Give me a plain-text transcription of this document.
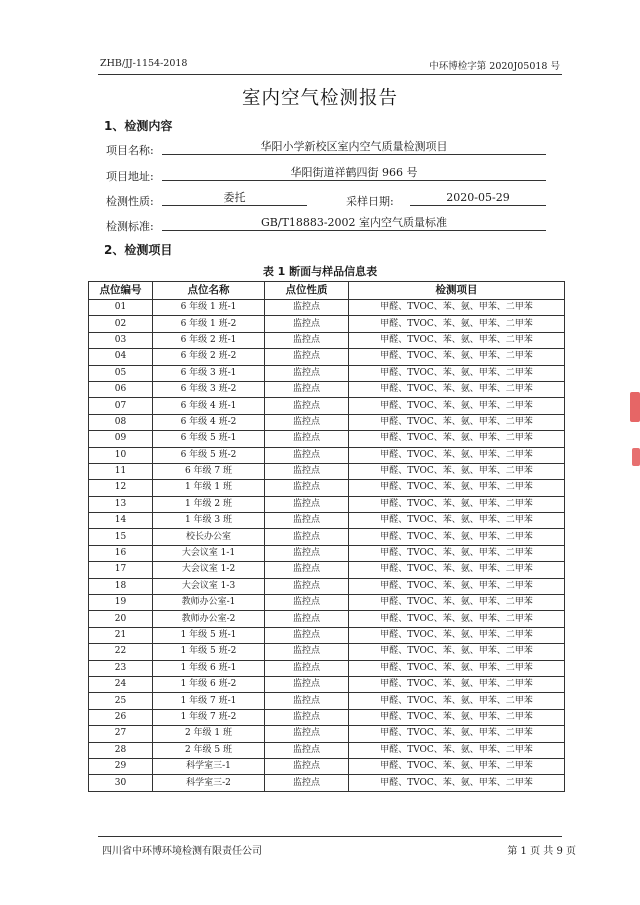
ZHB/JJ-1154-2018	中环博检字第 2020J05018 号
室内空气检测报告
1、检测内容
项目名称:	华阳小学新校区室内空气质量检测项目
项目地址:	华阳街道祥鹤四街 966 号
检测性质:	委托	采样日期:	2020-05-29
检测标准:	GB/T18883-2002 室内空气质量标准
2、检测项目
表 1 断面与样品信息表
点位编号	点位名称	点位性质	检测项目
01	6 年级 1 班-1	监控点	甲醛、TVOC、苯、氨、甲苯、二甲苯
02	6 年级 1 班-2	监控点	甲醛、TVOC、苯、氨、甲苯、二甲苯
03	6 年级 2 班-1	监控点	甲醛、TVOC、苯、氨、甲苯、二甲苯
04	6 年级 2 班-2	监控点	甲醛、TVOC、苯、氨、甲苯、二甲苯
05	6 年级 3 班-1	监控点	甲醛、TVOC、苯、氨、甲苯、二甲苯
06	6 年级 3 班-2	监控点	甲醛、TVOC、苯、氨、甲苯、二甲苯
07	6 年级 4 班-1	监控点	甲醛、TVOC、苯、氨、甲苯、二甲苯
08	6 年级 4 班-2	监控点	甲醛、TVOC、苯、氨、甲苯、二甲苯
09	6 年级 5 班-1	监控点	甲醛、TVOC、苯、氨、甲苯、二甲苯
10	6 年级 5 班-2	监控点	甲醛、TVOC、苯、氨、甲苯、二甲苯
11	6 年级 7 班	监控点	甲醛、TVOC、苯、氨、甲苯、二甲苯
12	1 年级 1 班	监控点	甲醛、TVOC、苯、氨、甲苯、二甲苯
13	1 年级 2 班	监控点	甲醛、TVOC、苯、氨、甲苯、二甲苯
14	1 年级 3 班	监控点	甲醛、TVOC、苯、氨、甲苯、二甲苯
15	校长办公室	监控点	甲醛、TVOC、苯、氨、甲苯、二甲苯
16	大会议室 1-1	监控点	甲醛、TVOC、苯、氨、甲苯、二甲苯
17	大会议室 1-2	监控点	甲醛、TVOC、苯、氨、甲苯、二甲苯
18	大会议室 1-3	监控点	甲醛、TVOC、苯、氨、甲苯、二甲苯
19	教师办公室-1	监控点	甲醛、TVOC、苯、氨、甲苯、二甲苯
20	教师办公室-2	监控点	甲醛、TVOC、苯、氨、甲苯、二甲苯
21	1 年级 5 班-1	监控点	甲醛、TVOC、苯、氨、甲苯、二甲苯
22	1 年级 5 班-2	监控点	甲醛、TVOC、苯、氨、甲苯、二甲苯
23	1 年级 6 班-1	监控点	甲醛、TVOC、苯、氨、甲苯、二甲苯
24	1 年级 6 班-2	监控点	甲醛、TVOC、苯、氨、甲苯、二甲苯
25	1 年级 7 班-1	监控点	甲醛、TVOC、苯、氨、甲苯、二甲苯
26	1 年级 7 班-2	监控点	甲醛、TVOC、苯、氨、甲苯、二甲苯
27	2 年级 1 班	监控点	甲醛、TVOC、苯、氨、甲苯、二甲苯
28	2 年级 5 班	监控点	甲醛、TVOC、苯、氨、甲苯、二甲苯
29	科学室三-1	监控点	甲醛、TVOC、苯、氨、甲苯、二甲苯
30	科学室三-2	监控点	甲醛、TVOC、苯、氨、甲苯、二甲苯
四川省中环博环境检测有限责任公司	第 1 页 共 9 页
